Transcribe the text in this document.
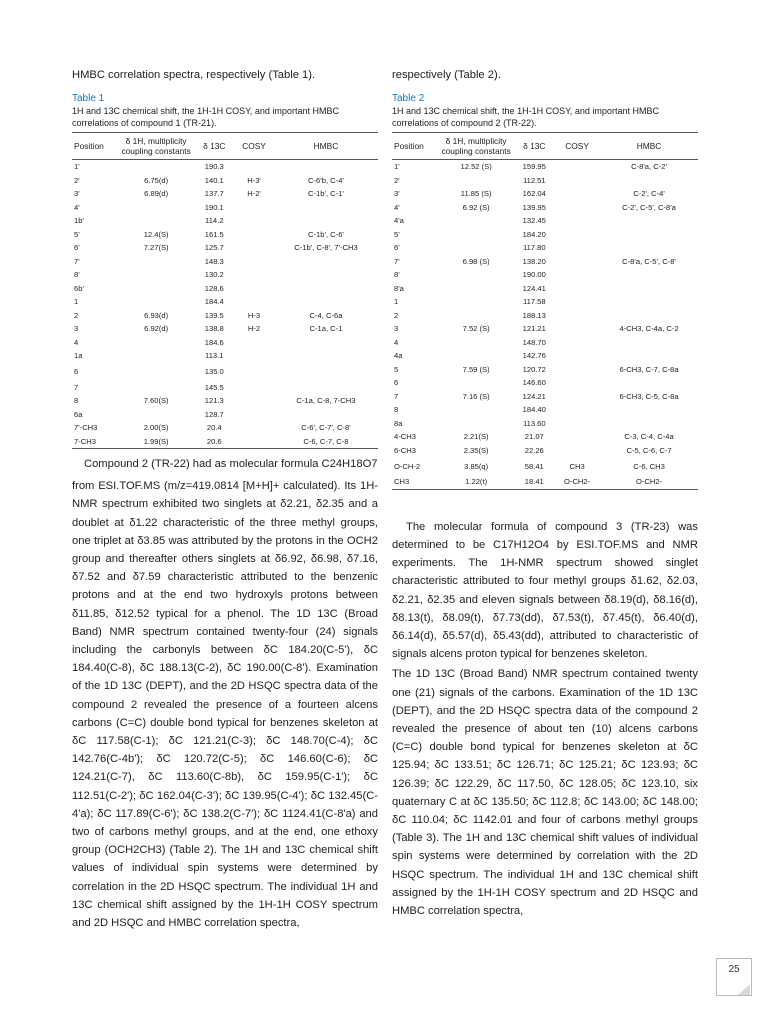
HMBC correlation spectra, respectively (Table 1).

Table 1

1H and 13C chemical shift, the 1H-1H COSY, and important HMBC correlations of compound 1 (TR-21).

Position	δ 1H, multiplicity coupling constants	δ 13C	COSY	HMBC
1'		190.3		
2'	6.75(d)	140.1	H-3'	C-6'b, C-4'
3'	6.89(d)	137.7	H-2'	C-1b', C-1'
4'		190.1		
1b'		114.2		
5'	12.4(S)	161.5		C-1b', C-6'
6'	7.27(S)	125.7		C-1b', C-8', 7'-CH3
7'		148.3		
8'		130.2		
6b'		128.6		
1		184.4		
2	6.93(d)	139.5	H-3	C-4, C-6a
3	6.92(d)	138.8	H-2	C-1a, C-1
4		184.6		
1a		113.1		
6		135.0		
7		145.5		
8	7.60(S)	121.3		C-1a, C-8, 7-CH3
6a		128.7		
7'-CH3	2.00(S)	20.4		C-6', C-7', C-8'
7-CH3	1.99(S)	20.6		C-6, C-7, C-8

Compound 2 (TR-22) had as molecular formula C24H18O7

from ESI.TOF.MS (m/z=419.0814 [M+H]+ calculated). Its 1H-NMR spectrum exhibited two singlets at δ2.21, δ2.35 and a doublet at δ1.22 characteristic of the three methyl groups, one triplet at δ3.85 was attributed by the protons in the OCH2 group and thereafter others singlets at δ6.92, δ6.98, δ7.16, δ7.52 and δ7.59 characteristic attributed to the benzenic protons and at the end two hydroxyls protons between δ11.85, δ12.52 typical for a phenol. The 1D 13C (Broad Band) NMR spectrum contained twenty-four (24) signals including the carbonyls between δC 184.20(C-5'), δC 184.40(C-8), δC 188.13(C-2), δC 190.00(C-8'). Examination of the 1D 13C (DEPT), and the 2D HSQC spectra data of the compound 2 revealed the presence of a fourteen alcens carbons (C=C) double bond typical for benzenes skeleton at δC 117.58(C-1); δC 121.21(C-3); δC 148.70(C-4); δC 142.76(C-4b'); δC 120.72(C-5); δC 146.60(C-6); δC 124.21(C-7), δC 113.60(C-8b), δC 159.95(C-1'); δC 112.51(C-2'); δC 162.04(C-3'); δC 139.95(C-4'); δC 132.45(C-4'a); δC 117.89(C-6'); δC 138.2(C-7'); δC 1124.41(C-8'a) and two of carbons methyl groups, and at the end, one ethoxy group (OCH2CH3) (Table 2). The 1H and 13C chemical shift values of individual spin systems were determined by correlation in the 2D HSQC spectrum. The individual 1H and 13C chemical shift assigned by the 1H-1H COSY spectrum and 2D HSQC and HMBC correlation spectra,

respectively (Table 2).

Table 2

1H and 13C chemical shift, the 1H-1H COSY, and important HMBC correlations of compound 2 (TR-22).

Position	δ 1H, multiplicity coupling constants	δ 13C	COSY	HMBC
1'	12.52 (S)	159.95		C-8'a, C-2'
2'		112.51		
3'	11.85 (S)	162.04		C-2', C-4'
4'	6.92 (S)	139.95		C-2', C-5', C-8'a
4'a		132.45		
5'		184.20		
6'		117.80		
7'	6.98 (S)	138.20		C-8'a, C-5', C-8'
8'		190.00		
8'a		124.41		
1		117.58		
2		188.13		
3	7.52 (S)	121.21		4-CH3, C-4a, C-2
4		148.70		
4a		142.76		
5	7.59 (S)	120.72		6-CH3, C-7, C-8a
6		146.60		
7	7.16 (S)	124.21		6-CH3, C-5, C-8a
8		184.40		
8a		113.60		
4-CH3	2.21(S)	21.07		C-3, C-4, C-4a
6-CH3	2.35(S)	22.26		C-5, C-6, C-7
O-CH-2	3.85(q)	58.41	CH3	C-6, CH3
CH3	1.22(t)	18.41	O-CH2-	O-CH2-

The molecular formula of compound 3 (TR-23) was determined to be C17H12O4 by ESI.TOF.MS and NMR experiments. The 1H-NMR spectrum showed singlet characteristic attributed to four methyl groups δ1.62, δ2.03, δ2.21, δ2.35 and eleven signals between δ8.19(d), δ8.16(d), δ8.13(t), δ8.09(t), δ7.73(dd), δ7.53(t), δ7.45(t), δ6.40(d), δ6.14(d), δ5.57(d), δ5.43(dd), attributed to characteristic of signals alcens proton typical for benzenes skeleton.

The 1D 13C (Broad Band) NMR spectrum contained twenty one (21) signals of the carbons. Examination of the 1D 13C (DEPT), and the 2D HSQC spectra data of the compound 2 revealed the presence of about ten (10) alcens carbons (C=C) double bond typical for benzenes skeleton at δC 125.94; δC 133.51; δC 126.71; δC 125.21; δC 123.93; δC 126.39; δC 122.29, δC 117.50, δC 128.05; δC 123.10, six quaternary C at δC 135.50; δC 112.8; δC 143.00; δC 148.00; δC 110.04; δC 1142.01 and four of carbons methyl groups (Table 3). The 1H and 13C chemical shift values of individual spin systems were determined by correlation with the 2D HSQC spectrum. The individual 1H and 13C chemical shift assigned by the 1H-1H COSY spectrum and 2D HSQC and HMBC correlation spectra,

25
